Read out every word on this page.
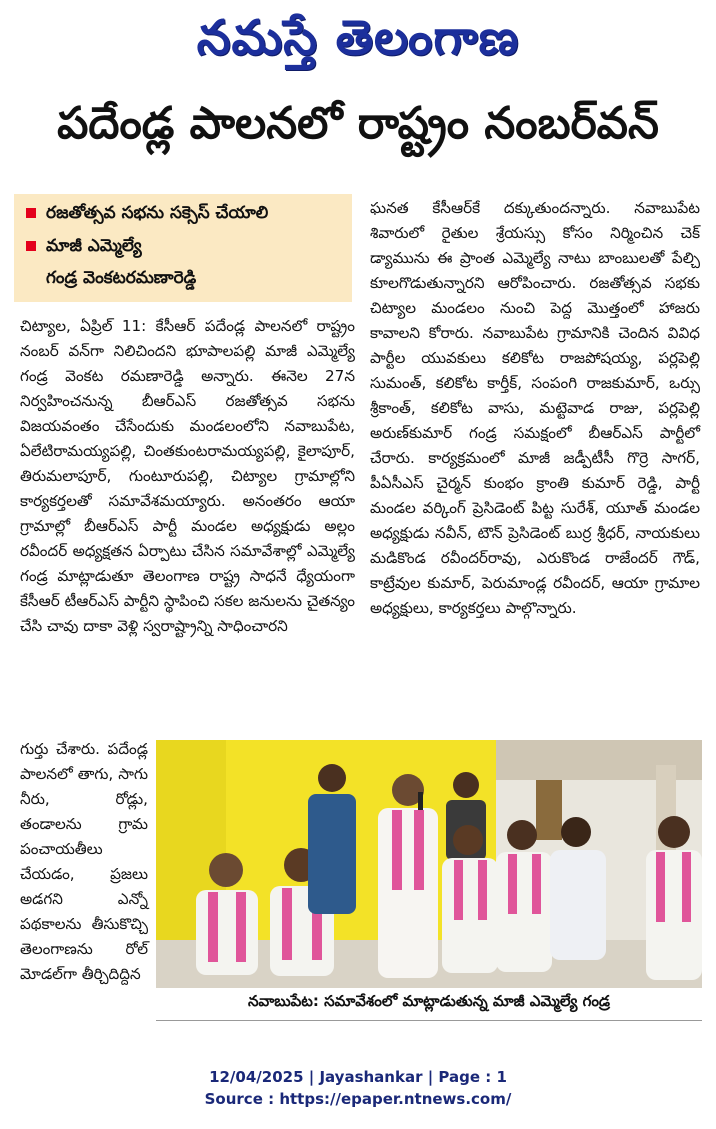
నమస్తే తెలంగాణ
పదేండ్ల పాలనలో రాష్ట్రం నంబర్‌వన్
రజతోత్సవ సభను సక్సెస్ చేయాలి
మాజీ ఎమ్మెల్యే
గండ్ర వెంకటరమణారెడ్డి
చిట్యాల, ఏప్రిల్ 11: కేసీఆర్ పదేండ్ల పాలనలో రాష్ట్రం నంబర్ వన్‌గా నిలిచిందని భూపాలపల్లి మాజీ ఎమ్మెల్యే గండ్ర వెంకట రమణారెడ్డి అన్నారు. ఈనెల 27న నిర్వహించనున్న బీఆర్ఎస్ రజతోత్సవ సభను విజయవంతం చేసేందుకు మండలంలోని నవాబుపేట, ఏలేటిరామయ్యపల్లి, చింతకుంటరామయ్యపల్లి, కైలాపూర్, తిరుమలాపూర్, గుంటూరుపల్లి, చిట్యాల గ్రామాల్లోని కార్యకర్తలతో సమావేశమయ్యారు. అనంతరం ఆయా గ్రామాల్లో బీఆర్ఎస్ పార్టీ మండల అధ్యక్షుడు అల్లం రవీందర్ అధ్యక్షతన ఏర్పాటు చేసిన సమావేశాల్లో ఎమ్మెల్యే గండ్ర మాట్లాడుతూ తెలంగాణ రాష్ట్ర సాధనే ధ్యేయంగా కేసీఆర్ టీఆర్ఎస్ పార్టీని స్థాపించి సకల జనులను చైతన్యం చేసి చావు దాకా వెళ్లి స్వరాష్ట్రాన్ని సాధించారని
ఘనత కేసీఆర్‌కే దక్కుతుందన్నారు. నవాబుపేట శివారులో రైతుల శ్రేయస్సు కోసం నిర్మించిన చెక్ డ్యామును ఈ ప్రాంత ఎమ్మెల్యే నాటు బాంబులతో పేల్చి కూలగొడుతున్నారని ఆరోపించారు. రజతోత్సవ సభకు చిట్యాల మండలం నుంచి పెద్ద మొత్తంలో హాజరు కావాలని కోరారు. నవాబుపేట గ్రామానికి చెందిన వివిధ పార్టీల యువకులు కలికోట రాజపోషయ్య, పర్లపెల్లి సుమంత్, కలికోట కార్తీక్, సంపంగి రాజకుమార్, ఒర్సు శ్రీకాంత్, కలికోట వాసు, మట్టెవాడ రాజు, పర్లపెల్లి అరుణ్‌కుమార్ గండ్ర సమక్షంలో బీఆర్ఎస్ పార్టీలో చేరారు. కార్యక్రమంలో మాజీ జడ్పీటీసీ గొర్రె సాగర్, పీఏసీఎస్ చైర్మన్ కుంభం క్రాంతి కుమార్ రెడ్డి, పార్టీ మండల వర్కింగ్ ప్రెసిడెంట్ పిట్ట సురేశ్, యూత్ మండల అధ్యక్షుడు నవీన్, టౌన్ ప్రెసిడెంట్ బుర్ర శ్రీధర్, నాయకులు మడికొండ రవీందర్‌రావు, ఎరుకొండ రాజేందర్ గౌడ్, కాట్రేవుల కుమార్, పెరుమాండ్ల రవీందర్, ఆయా గ్రామాల అధ్యక్షులు, కార్యకర్తలు పాల్గొన్నారు.
గుర్తు చేశారు. పదేండ్ల పాలనలో తాగు, సాగు నీరు, రోడ్లు, తండాలను గ్రామ పంచాయతీలు చేయడం, ప్రజలు అడగని ఎన్నో పథకాలను తీసుకొచ్చి తెలంగాణను రోల్ మోడల్‌గా తీర్చిదిద్దిన
నవాబుపేట: సమావేశంలో మాట్లాడుతున్న మాజీ ఎమ్మెల్యే గండ్ర
12/04/2025 | Jayashankar | Page : 1
Source : https://epaper.ntnews.com/
